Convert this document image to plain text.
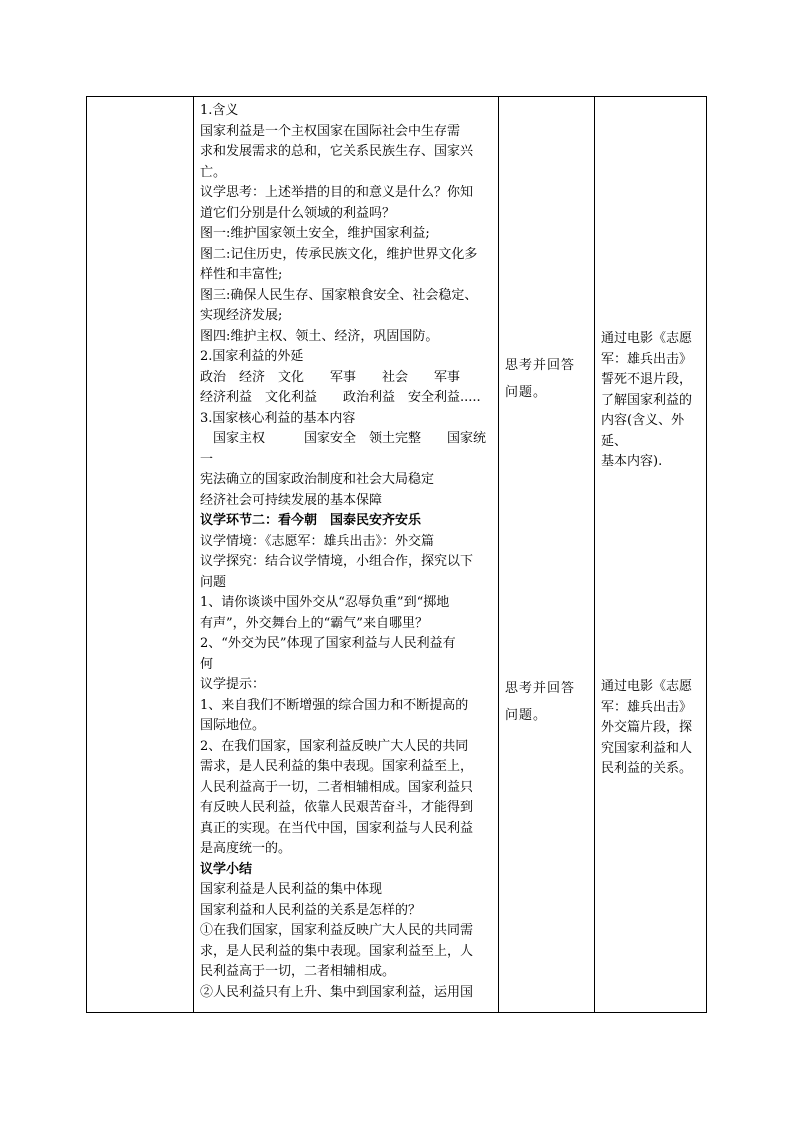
1.含义
国家利益是一个主权国家在国际社会中生存需
求和发展需求的总和，它关系民族生存、国家兴
亡。
议学思考：上述举措的目的和意义是什么？你知
道它们分别是什么领域的利益吗？
图一:维护国家领土安全，维护国家利益;
图二:记住历史，传承民族文化，维护世界文化多
样性和丰富性;
图三:确保人民生存、国家粮食安全、社会稳定、
实现经济发展;
图四:维护主权、领土、经济，巩固国防。
2.国家利益的外延
政治　经济　文化　　军事　　社会　　军事
经济利益　文化利益　　政治利益　安全利益.....
3.国家核心利益的基本内容
　国家主权　　　国家安全　领土完整　　国家统
一
宪法确立的国家政治制度和社会大局稳定
经济社会可持续发展的基本保障
议学环节二：看今朝　国泰民安齐安乐
议学情境：《志愿军：雄兵出击》：外交篇
议学探究：结合议学情境，小组合作，探究以下
问题
1、请你谈谈中国外交从“忍辱负重”到“掷地
有声”，外交舞台上的“霸气”来自哪里？
2、“外交为民”体现了国家利益与人民利益有
何
议学提示：
1、来自我们不断增强的综合国力和不断提高的
国际地位。
2、在我们国家，国家利益反映广大人民的共同
需求，是人民利益的集中表现。国家利益至上，
人民利益高于一切，二者相辅相成。国家利益只
有反映人民利益，依靠人民艰苦奋斗，才能得到
真正的实现。在当代中国，国家利益与人民利益
是高度统一的。
议学小结
国家利益是人民利益的集中体现
国家利益和人民利益的关系是怎样的？
①在我们国家，国家利益反映广大人民的共同需
求，是人民利益的集中表现。国家利益至上，人
民利益高于一切，二者相辅相成。
②人民利益只有上升、集中到国家利益，运用国
思考并回答
问题。
思考并回答
问题。
通过电影《志愿
军：雄兵出击》
誓死不退片段，
了解国家利益的
内容(含义、外延、
基本内容).
通过电影《志愿
军：雄兵出击》
外交篇片段，探
究国家利益和人
民利益的关系。
